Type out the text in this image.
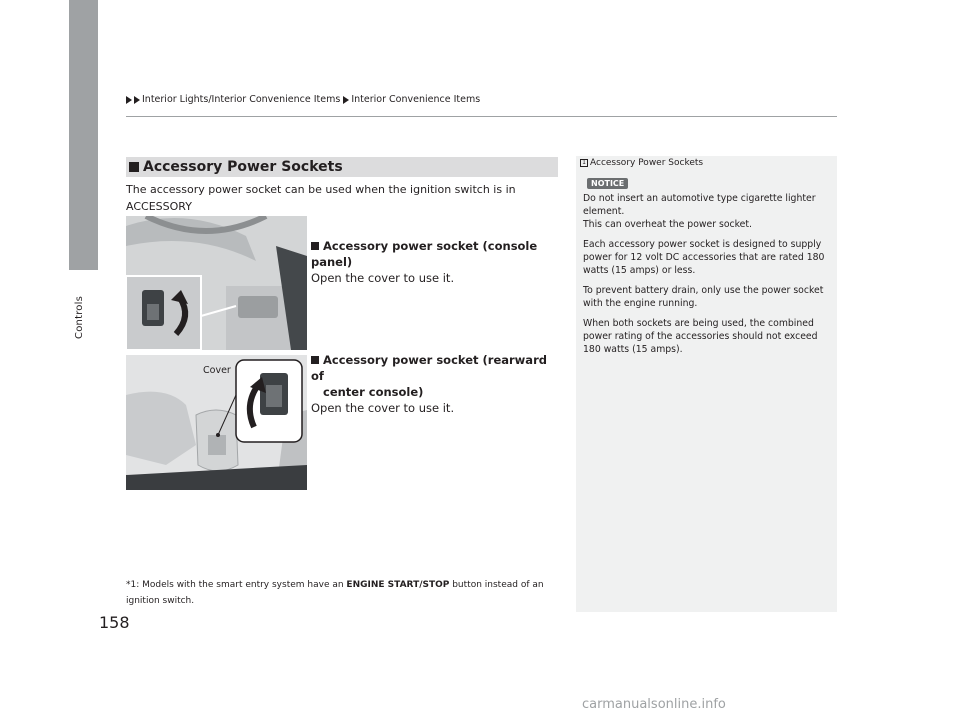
Controls
158
Interior Lights/Interior Convenience Items Interior Convenience Items
Accessory Power Sockets
The accessory power socket can be used when the ignition switch is in ACCESSORY

Accessory power socket (console panel)
Open the cover to use it.
Cover
Accessory power socket (rearward of
center console)
Open the cover to use it.
*1: Models with the smart entry system have an ENGINE START/STOP button instead of an
ignition switch.
1 Accessory Power Sockets
NOTICE
Do not insert an automotive type cigarette lighter
element.
This can overheat the power socket.
Each accessory power socket is designed to supply
power for 12 volt DC accessories that are rated 180
watts (15 amps) or less.
To prevent battery drain, only use the power socket
with the engine running.
When both sockets are being used, the combined
power rating of the accessories should not exceed
180 watts (15 amps).
carmanualsonline.info
